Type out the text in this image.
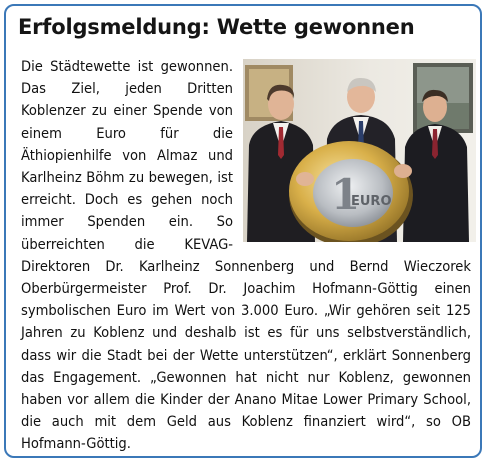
Erfolgsmeldung: Wette gewonnen
1
EURO

Die Städtewette ist gewonnen. Das Ziel, jeden Dritten Koblenzer zu einer Spende von einem Euro für die Äthiopienhilfe von Almaz und Karlheinz Böhm zu bewegen, ist erreicht. Doch es gehen noch immer Spenden ein. So überreichten die KEVAG-Direktoren Dr. Karlheinz Sonnenberg und Bernd Wieczorek Oberbürgermeister Prof. Dr. Joachim Hofmann-Göttig einen symbolischen Euro im Wert von 3.000 Euro. „Wir gehören seit 125 Jahren zu Koblenz und deshalb ist es für uns selbstverständlich, dass wir die Stadt bei der Wette unterstützen“, erklärt Sonnenberg das Engagement. „Gewonnen hat nicht nur Koblenz, gewonnen haben vor allem die Kinder der Anano Mitae Lower Primary School, die auch mit dem Geld aus Koblenz finanziert wird“, so OB Hofmann-Göttig.
